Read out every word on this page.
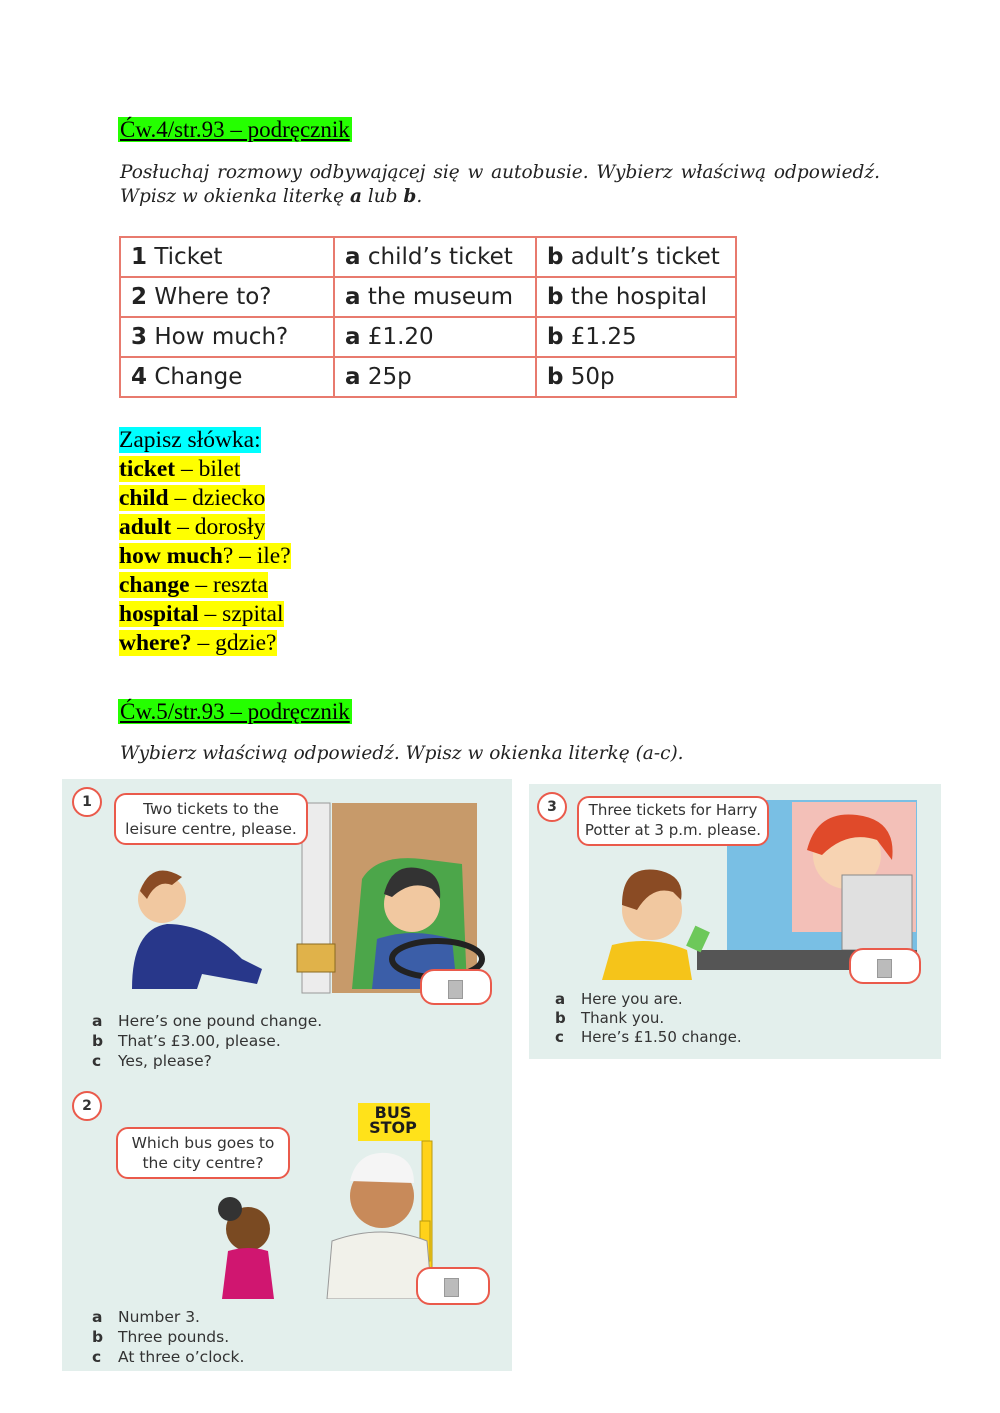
Ćw.4/str.93 – podręcznik
Posłuchaj rozmowy odbywającej się w autobusie. Wybierz właściwą odpowiedź. Wpisz w okienka literkę a lub b.
1 Ticket	a child’s ticket	b adult’s ticket
2 Where to?	a the museum	b the hospital
3 How much?	a £1.20	b £1.25
4 Change	a 25p	b 50p
Zapisz słówka:
ticket – bilet
child – dziecko
adult – dorosły
how much? – ile?
change – reszta
hospital – szpital
where? – gdzie?
Ćw.5/str.93 – podręcznik
Wybierz właściwą odpowiedź. Wpisz w okienka literkę (a-c).
1	Two tickets to the
leisure centre, please.
a Here’s one pound change.
b That’s £3.00, please.
c Yes, please?
2	BUS
STOP
Which bus goes to
the city centre?
a Number 3.
b Three pounds.
c At three o’clock.
3	Three tickets for Harry
Potter at 3 p.m. please.
a Here you are.
b Thank you.
c Here’s £1.50 change.
